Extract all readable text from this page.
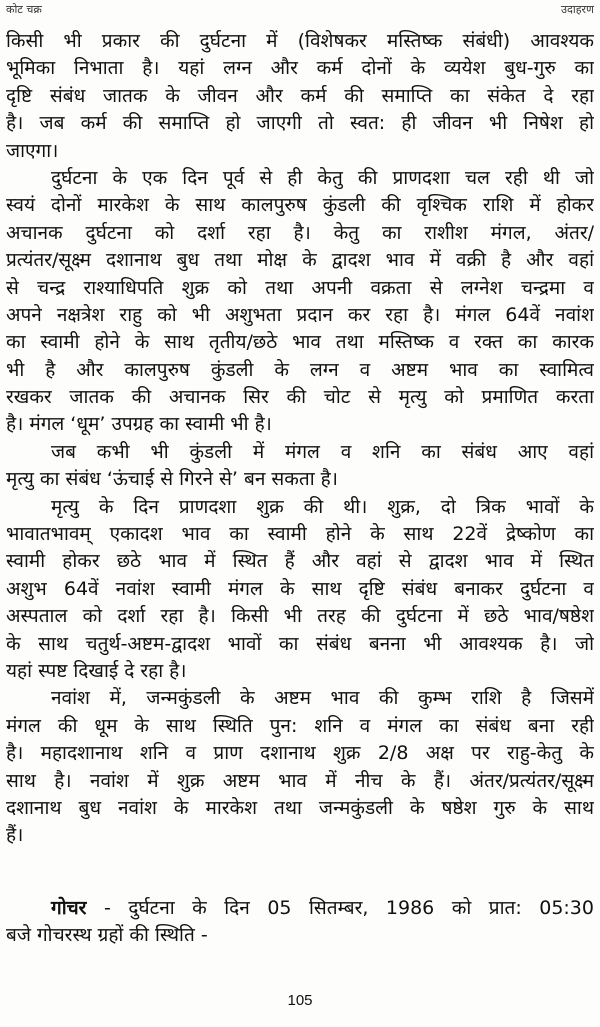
कोट चक्र	उदाहरण
किसी भी प्रकार की दुर्घटना में (विशेषकर मस्तिष्क संबंधी) आवश्यक
भूमिका निभाता है। यहां लग्न और कर्म दोनों के व्ययेश बुध-गुरु का
दृष्टि संबंध जातक के जीवन और कर्म की समाप्ति का संकेत दे रहा
है। जब कर्म की समाप्ति हो जाएगी तो स्वत: ही जीवन भी निषेश हो
जाएगा।
दुर्घटना के एक दिन पूर्व से ही केतु की प्राणदशा चल रही थी जो
स्वयं दोनों मारकेश के साथ कालपुरुष कुंडली की वृश्चिक राशि में होकर
अचानक दुर्घटना को दर्शा रहा है। केतु का राशीश मंगल, अंतर/
प्रत्यंतर/सूक्ष्म दशानाथ बुध तथा मोक्ष के द्वादश भाव में वक्री है और वहां
से चन्द्र राश्याधिपति शुक्र को तथा अपनी वक्रता से लग्नेश चन्द्रमा व
अपने नक्षत्रेश राहु को भी अशुभता प्रदान कर रहा है। मंगल 64वें नवांश
का स्वामी होने के साथ तृतीय/छठे भाव तथा मस्तिष्क व रक्त का कारक
भी है और कालपुरुष कुंडली के लग्न व अष्टम भाव का स्वामित्व
रखकर जातक की अचानक सिर की चोट से मृत्यु को प्रमाणित करता
है। मंगल ‘धूम’ उपग्रह का स्वामी भी है।
जब कभी भी कुंडली में मंगल व शनि का संबंध आए वहां
मृत्यु का संबंध ‘ऊंचाई से गिरने से’ बन सकता है।
मृत्यु के दिन प्राणदशा शुक्र की थी। शुक्र, दो त्रिक भावों के
भावातभावम् एकादश भाव का स्वामी होने के साथ 22वें द्रेष्कोण का
स्वामी होकर छठे भाव में स्थित हैं और वहां से द्वादश भाव में स्थित
अशुभ 64वें नवांश स्वामी मंगल के साथ दृष्टि संबंध बनाकर दुर्घटना व
अस्पताल को दर्शा रहा है। किसी भी तरह की दुर्घटना में छठे भाव/षष्ठेश
के साथ चतुर्थ-अष्टम-द्वादश भावों का संबंध बनना भी आवश्यक है। जो
यहां स्पष्ट दिखाई दे रहा है।
नवांश में, जन्मकुंडली के अष्टम भाव की कुम्भ राशि है जिसमें
मंगल की धूम के साथ स्थिति पुन: शनि व मंगल का संबंध बना रही
है। महादशानाथ शनि व प्राण दशानाथ शुक्र 2/8 अक्ष पर राहु-केतु के
साथ है। नवांश में शुक्र अष्टम भाव में नीच के हैं। अंतर/प्रत्यंतर/सूक्ष्म
दशानाथ बुध नवांश के मारकेश तथा जन्मकुंडली के षष्ठेश गुरु के साथ
हैं।
गोचर - दुर्घटना के दिन 05 सितम्बर, 1986 को प्रात: 05:30
बजे गोचरस्थ ग्रहों की स्थिति -
105
